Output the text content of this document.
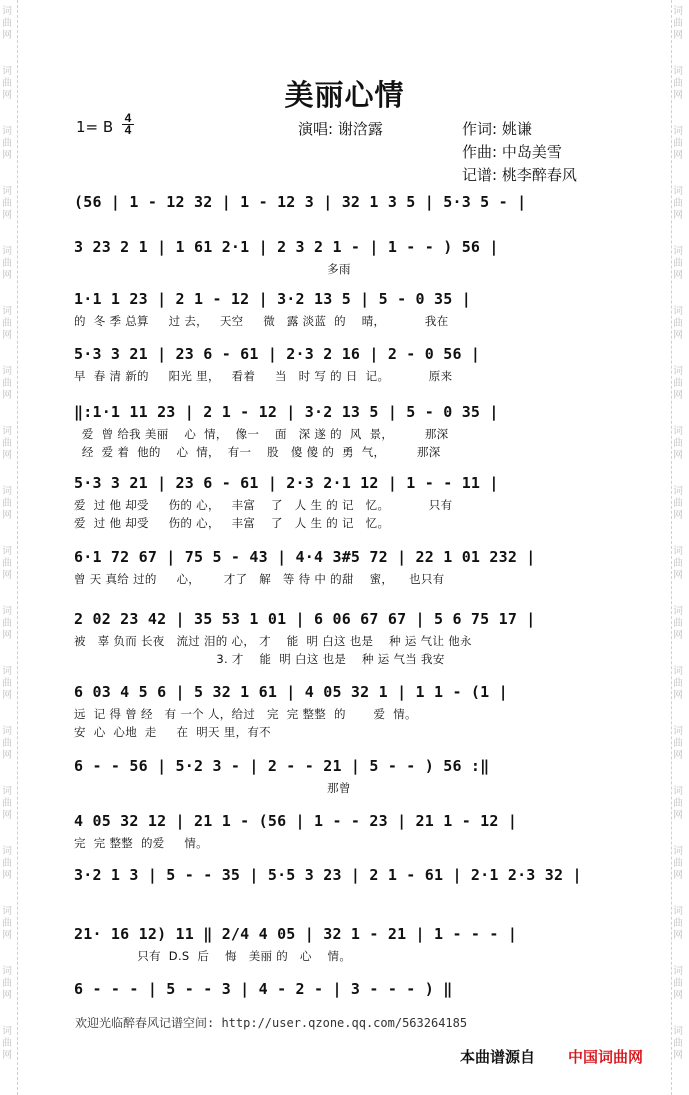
词曲网
词曲网
词曲网
词曲网
词曲网
词曲网
词曲网
词曲网
词曲网
词曲网
词曲网
词曲网
词曲网
词曲网
词曲网
词曲网
词曲网
词曲网
词曲网
词曲网
词曲网
词曲网
词曲网
词曲网
词曲网
词曲网
词曲网
词曲网
词曲网
词曲网
词曲网
词曲网
词曲网
词曲网
词曲网
词曲网
美丽心情
1= B 4
4	演唱: 谢浛露	作词: 姚谦
作曲: 中岛美雪
记谱: 桃李醉春风
(56 | 1 - 12 32 | 1 - 12 3 | 32 1 3 5 | 5·3 5 - |
3 23 2 1 | 1 61 2·1 | 2 3 2 1 - | 1 - - ) 56 |
多雨
1·1 1 23 | 2 1 - 12 | 3·2 13 5 | 5 - 0 35 |
的  冬 季 总算     过 去，   天空     微   露 淡蓝  的    晴，          我在
5·3 3 21 | 23 6 - 61 | 2·3 2 16 | 2 - 0 56 |
早  春 清 新的     阳光 里，   看着     当   时 写 的 日  记。          原来
‖:1·1 11 23 | 2 1 - 12 | 3·2 13 5 | 5 - 0 35 |
爱  曾 给我 美丽    心  情，  像一    面   深 遂 的  风  景，        那深
经  爱 着  他的    心  情，  有一    股   傻 傻 的  勇  气，        那深
5·3 3 21 | 23 6 - 61 | 2·3 2·1 12 | 1 - - 11 |
爱  过 他 却受     伤的 心，   丰富    了   人 生 的 记   忆。          只有
爱  过 他 却受     伤的 心，   丰富    了   人 生 的 记   忆。
6·1 72 67 | 75 5 - 43 | 4·4 3#5 72 | 22 1 01 232 |
曾 天 真给 过的     心，      才了   解   等 待 中 的甜    蜜，    也只有
2 02 23 42 | 35 53 1 01 | 6 06 67 67 | 5 6 75 17 |
被   辜 负而 长夜   流过 泪的 心， 才    能  明 白这 也是    种 运 气让 他永
3. 才    能  明 白这 也是    种 运 气当 我安
6 03 4 5 6 | 5 32 1 61 | 4 05 32 1 | 1 1 - (1 |
远  记 得 曾 经   有 一个 人，给过   完  完 整整  的       爱  情。
安  心  心地  走     在  明天 里，有不
6 - - 56 | 5·2 3 - | 2 - - 21 | 5 - - ) 56 :‖
那曾
4 05 32 12 | 21 1 - (56 | 1 - - 23 | 21 1 - 12 |
完  完 整整  的爱     情。
3·2 1 3 | 5 - - 35 | 5·5 3 23 | 2 1 - 61 | 2·1 2·3 32 |
21· 16 12) 11 ‖ 2/4 4 05 | 32 1 - 21 | 1 - - - |
只有  D.S  后    悔   美丽 的   心    情。
6 - - - | 5 - - 3 | 4 - 2 - | 3 - - - ) ‖
欢迎光临醉春风记谱空间: http://user.qzone.qq.com/563264185
本曲谱源自 中国词曲网
